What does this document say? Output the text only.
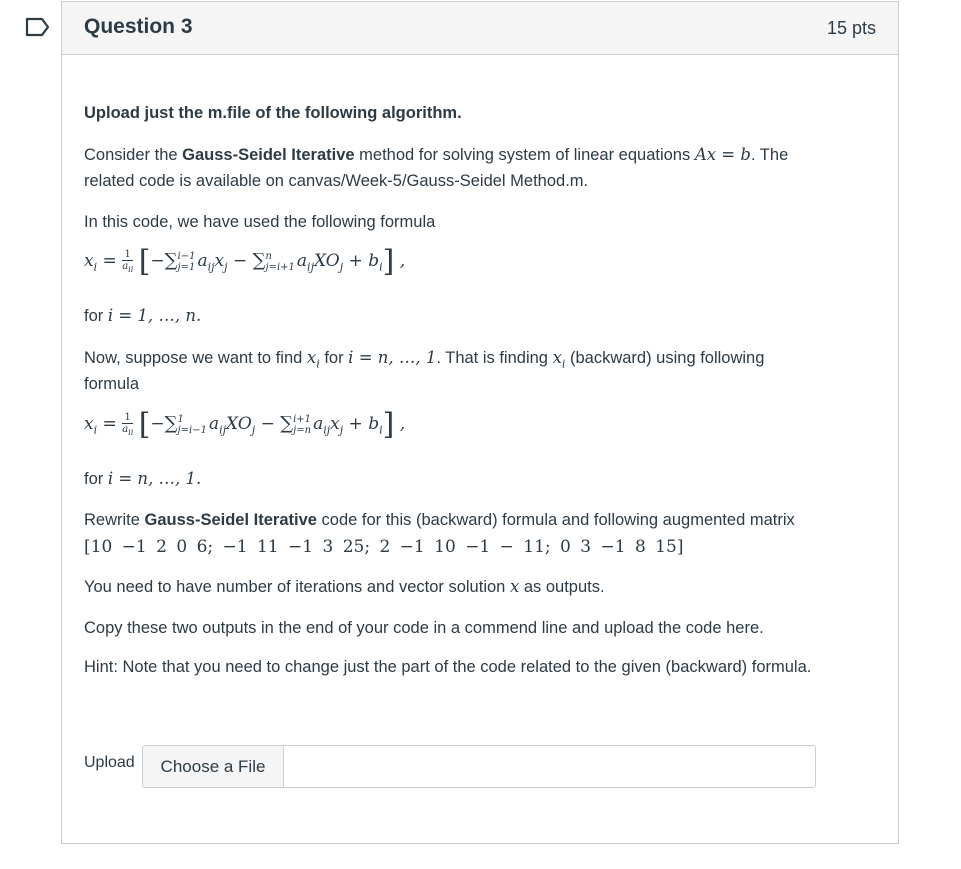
Question 3	15 pts
Upload just the m.file of the following algorithm.
Consider the Gauss-Seidel Iterative method for solving system of linear equations Ax = b. The
related code is available on canvas/Week-5/Gauss-Seidel Method.m.
In this code, we have used the following formula
$x_i = \frac{1}{a_{ii}}$ [−∑ i−1
j=1 $a_{ij}x_j$ − ∑ n
j=i+1 $a_{ij}XO_j + b_i$] ,
for i = 1, …, n.
Now, suppose we want to find $x_i$ for i = n, …, 1. That is finding $x_i$ (backward) using following
formula
$x_i = \frac{1}{a_{ii}}$ [−∑ 1
j=i−1 $a_{ij}XO_j$ − ∑ i+1
j=n $a_{ij}x_j + b_i$] ,
for i = n, …, 1.
Rewrite Gauss-Seidel Iterative code for this (backward) formula and following augmented matrix
[10 −1 2 0 6; −1 11 −1 3 25; 2 −1 10 −1 − 11; 0 3 −1 8 15]
You need to have number of iterations and vector solution x as outputs.
Copy these two outputs in the end of your code in a commend line and upload the code here.
Hint: Note that you need to change just the part of the code related to the given (backward) formula.
Upload	Choose a File
